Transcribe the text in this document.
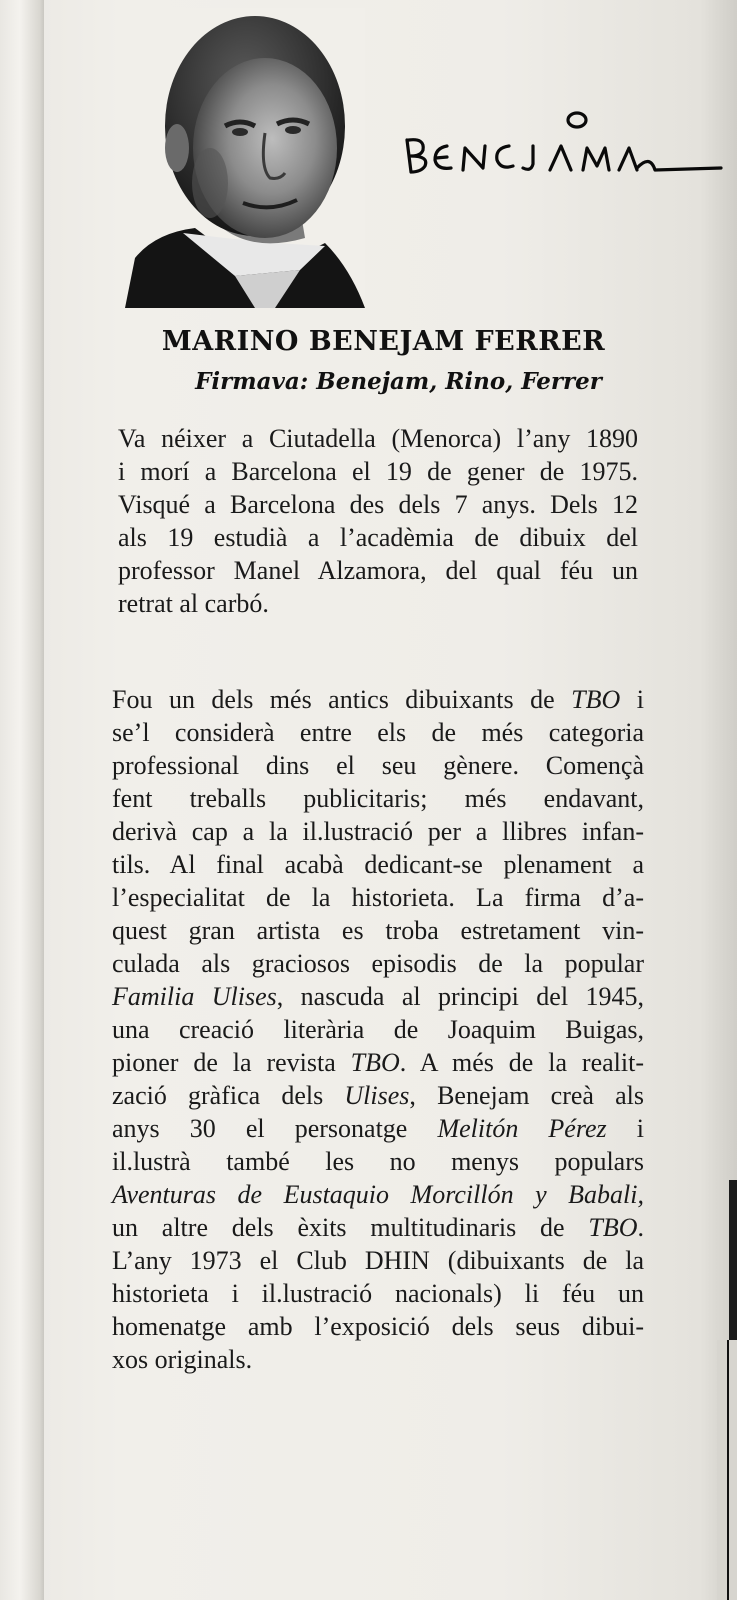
MARINO BENEJAM FERRER
Firmava: Benejam, Rino, Ferrer
Va néixer a Ciutadella (Menorca) l’any 1890
i morí a Barcelona el 19 de gener de 1975.
Visqué a Barcelona des dels 7 anys. Dels 12
als 19 estudià a l’acadèmia de dibuix del
professor Manel Alzamora, del qual féu un
retrat al carbó.
Fou un dels més antics dibuixants de TBO i
se’l considerà entre els de més categoria
professional dins el seu gènere. Començà
fent treballs publicitaris; més endavant,
derivà cap a la il.lustració per a llibres infan-
tils. Al final acabà dedicant-se plenament a
l’especialitat de la historieta. La firma d’a-
quest gran artista es troba estretament vin-
culada als graciosos episodis de la popular
Familia Ulises, nascuda al principi del 1945,
una creació literària de Joaquim Buigas,
pioner de la revista TBO. A més de la realit-
zació gràfica dels Ulises, Benejam creà als
anys 30 el personatge Melitón Pérez i
il.lustrà també les no menys populars
Aventuras de Eustaquio Morcillón y Babali,
un altre dels èxits multitudinaris de TBO.
L’any 1973 el Club DHIN (dibuixants de la
historieta i il.lustració nacionals) li féu un
homenatge amb l’exposició dels seus dibui-
xos originals.
